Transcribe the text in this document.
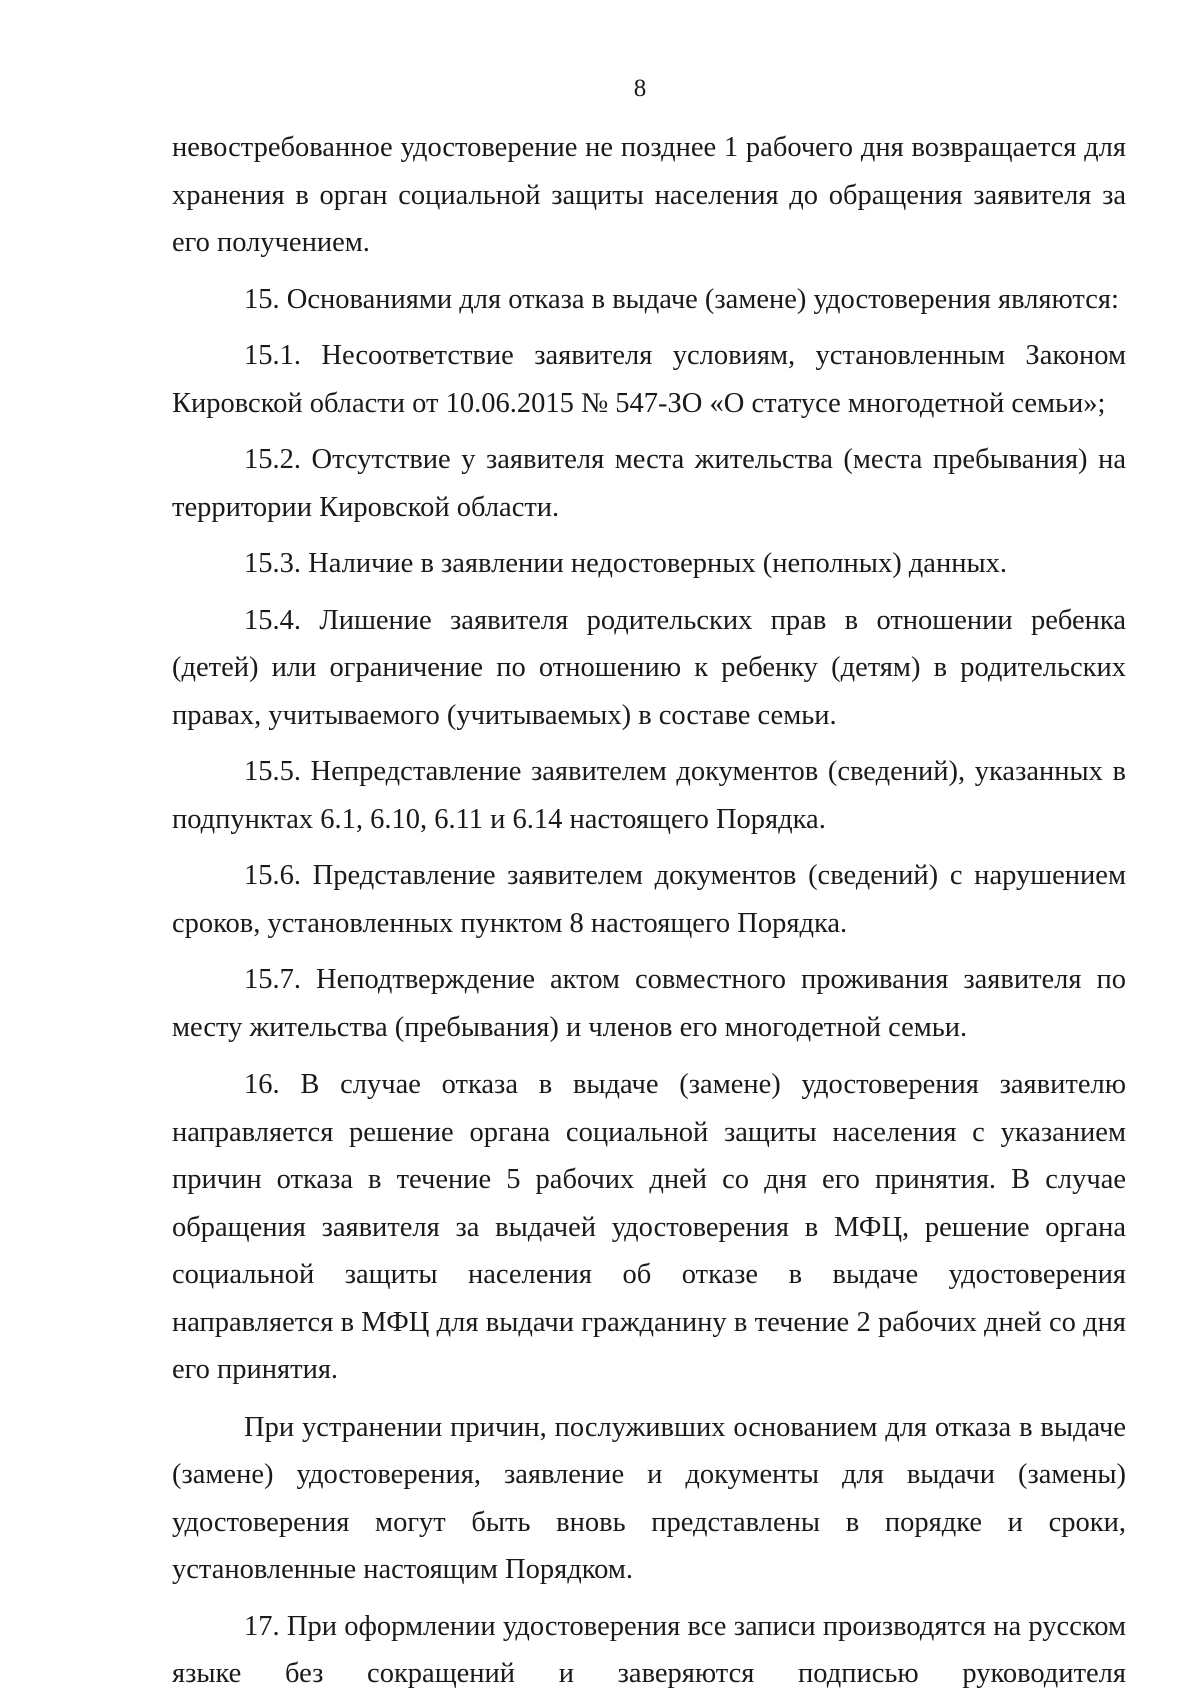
8

невостребованное удостоверение не позднее 1 рабочего дня возвращается для хранения в орган социальной защиты населения до обращения заявителя за его получением.

15. Основаниями для отказа в выдаче (замене) удостоверения являются:

15.1. Несоответствие заявителя условиям, установленным Законом Кировской области от 10.06.2015 № 547-ЗО «О статусе многодетной семьи»;

15.2. Отсутствие у заявителя места жительства (места пребывания) на территории Кировской области.

15.3. Наличие в заявлении недостоверных (неполных) данных.

15.4. Лишение заявителя родительских прав в отношении ребенка (детей) или ограничение по отношению к ребенку (детям) в родительских правах, учитываемого (учитываемых) в составе семьи.

15.5. Непредставление заявителем документов (сведений), указанных в подпунктах 6.1, 6.10, 6.11 и 6.14 настоящего Порядка.

15.6. Представление заявителем документов (сведений) с нарушением сроков, установленных пунктом 8 настоящего Порядка.

15.7. Неподтверждение актом совместного проживания заявителя по месту жительства (пребывания) и членов его многодетной семьи.

16. В случае отказа в выдаче (замене) удостоверения заявителю направляется решение органа социальной защиты населения с указанием причин отказа в течение 5 рабочих дней со дня его принятия. В случае обращения заявителя за выдачей удостоверения в МФЦ, решение органа социальной защиты населения об отказе в выдаче удостоверения направляется в МФЦ для выдачи гражданину в течение 2 рабочих дней со дня его принятия.

При устранении причин, послуживших основанием для отказа в выдаче (замене) удостоверения, заявление и документы для выдачи (замены) удостоверения могут быть вновь представлены в порядке и сроки, установленные настоящим Порядком.

17. При оформлении удостоверения все записи производятся на русском языке без сокращений и заверяются подписью руководителя
